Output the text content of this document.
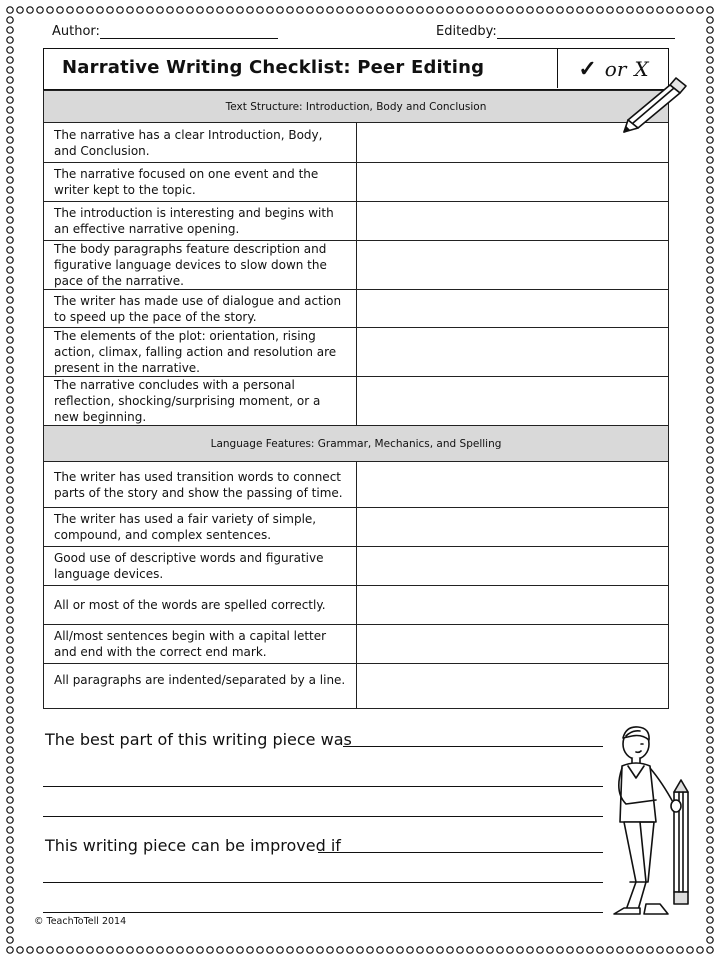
Author:	Editedby:
Narrative Writing Checklist: Peer Editing	✓ or X
Text Structure: Introduction, Body and Conclusion	
The narrative has a clear Introduction, Body, and Conclusion.	
The narrative focused on one event and the writer kept to the topic.	
The introduction is interesting and begins with an effective narrative opening.	
The body paragraphs feature description and figurative language devices to slow down the pace of the narrative.	
The writer has made use of dialogue and action to speed up the pace of the story.	
The elements of the plot: orientation, rising action, climax, falling action and resolution are present in the narrative.	
The narrative concludes with a personal reflection, shocking/surprising moment, or a new beginning.	
Language Features: Grammar, Mechanics, and Spelling	
The writer has used transition words to connect parts of the story and show the passing of time.	
The writer has used a fair variety of simple, compound, and complex sentences.	
Good use of descriptive words and figurative language devices.	
All or most of the words are spelled correctly.	
All/most sentences begin with a capital letter and end with the correct end mark.	
All paragraphs are indented/separated by a line.	
The best part of this writing piece was
This writing piece can be improved if
© TeachToTell 2014
